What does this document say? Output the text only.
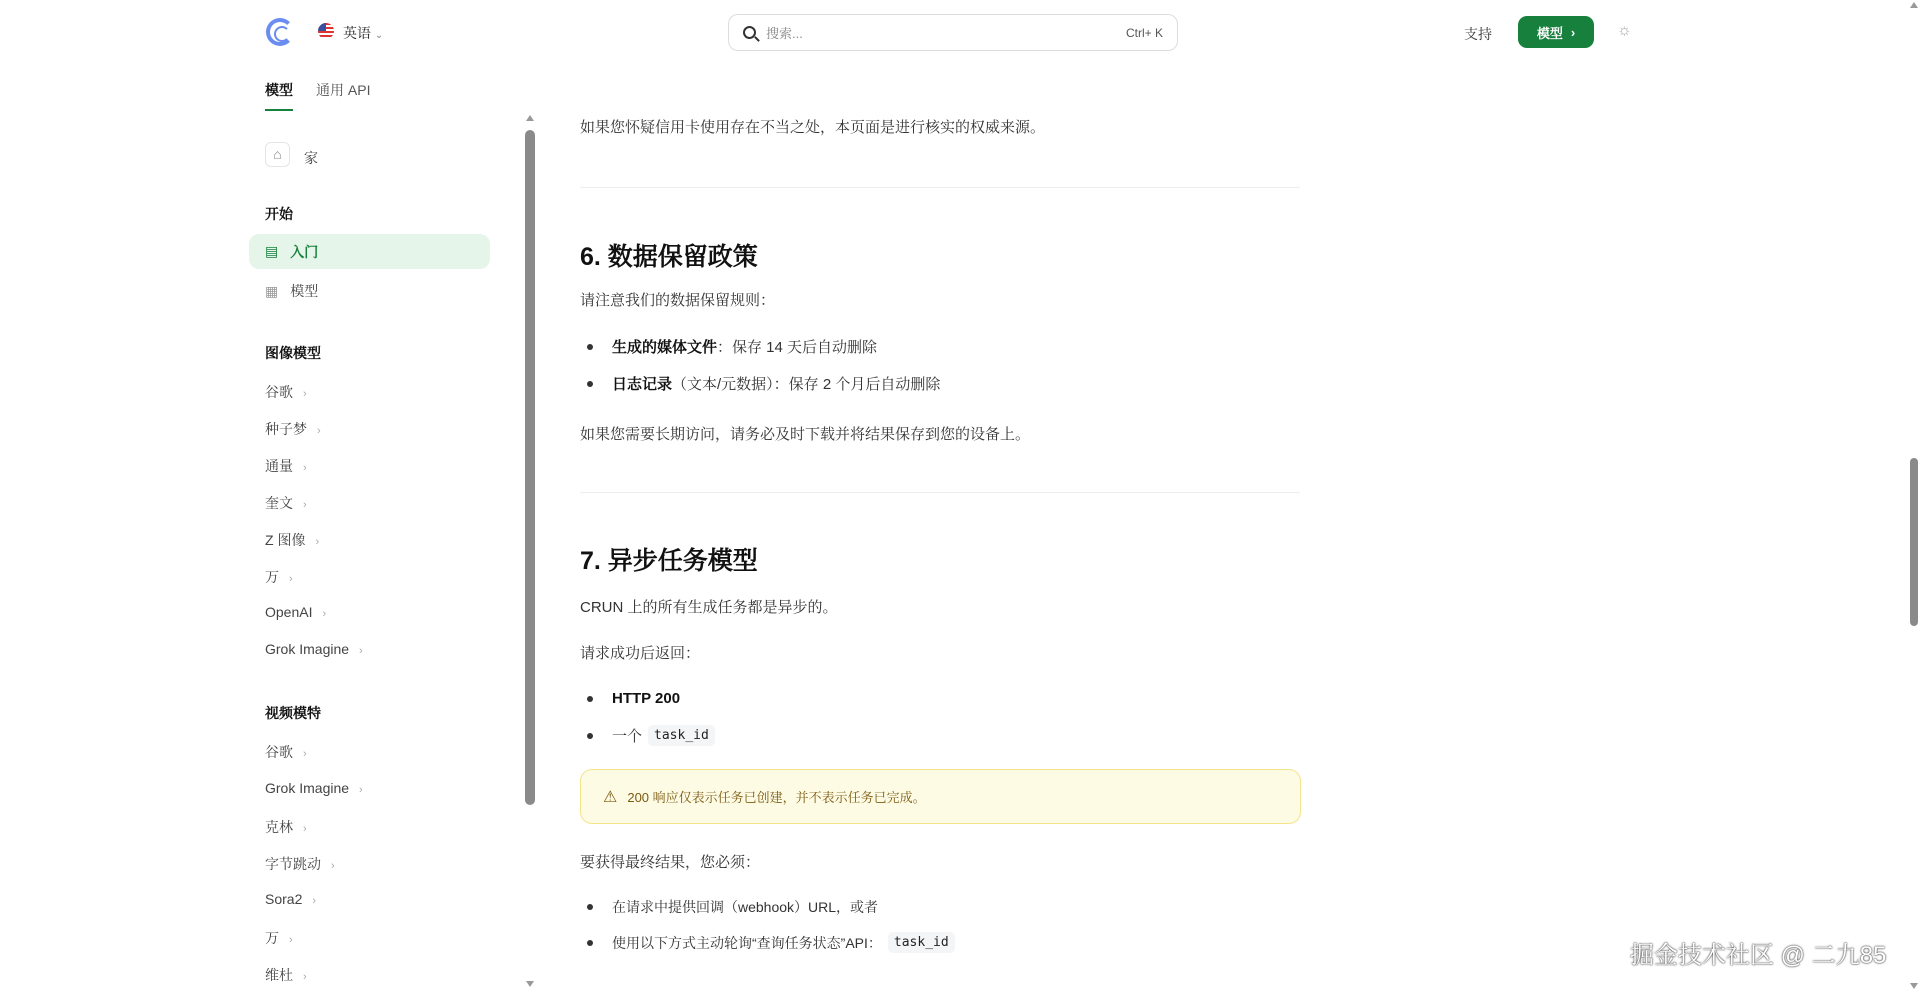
英语 ⌄	搜索...	Ctrl+ K	支持	模型 ›	☼
模型 通用 API
⌂	家
开始
▤ 入门
▦ 模型
图像模型
谷歌 ›
种子梦 ›
通量 ›
奎文 ›
Z 图像 ›
万 ›
OpenAI ›
Grok Imagine ›
视频模特
谷歌 ›
Grok Imagine ›
克林 ›
字节跳动 ›
Sora2 ›
万 ›
维杜 ›
如果您怀疑信用卡使用存在不当之处，本页面是进行核实的权威来源。
6. 数据保留政策
请注意我们的数据保留规则：
生成的媒体文件 ：保存 14 天后自动删除
日志记录 （文本/元数据）：保存 2 个月后自动删除
如果您需要长期访问，请务必及时下载并将结果保存到您的设备上。
7. 异步任务模型
CRUN 上的所有生成任务都是异步的。
请求成功后返回：
HTTP 200
一个 task_id
⚠ 200 响应仅表示任务已创建，并不表示任务已完成。
要获得最终结果，您必须：
在请求中提供回调（webhook）URL，或者
使用以下方式主动轮询“查询任务状态”API： task_id	掘金技术社区 @ 二九85
